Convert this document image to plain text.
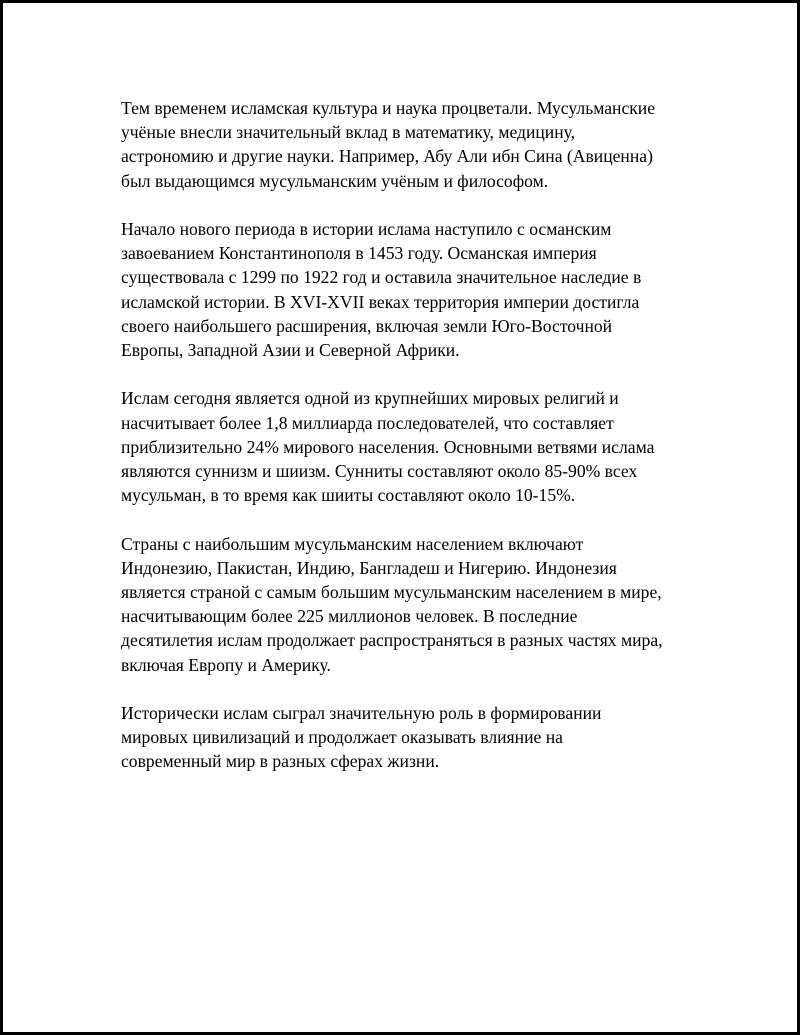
Тем временем исламская культура и наука процветали. Мусульманские
учёные внесли значительный вклад в математику, медицину,
астрономию и другие науки. Например, Абу Али ибн Сина (Авиценна)
был выдающимся мусульманским учёным и философом.

Начало нового периода в истории ислама наступило с османским
завоеванием Константинополя в 1453 году. Османская империя
существовала с 1299 по 1922 год и оставила значительное наследие в
исламской истории. В XVI-XVII веках территория империи достигла
своего наибольшего расширения, включая земли Юго-Восточной
Европы, Западной Азии и Северной Африки.

Ислам сегодня является одной из крупнейших мировых религий и
насчитывает более 1,8 миллиарда последователей, что составляет
приблизительно 24% мирового населения. Основными ветвями ислама
являются суннизм и шиизм. Сунниты составляют около 85-90% всех
мусульман, в то время как шииты составляют около 10-15%.

Страны с наибольшим мусульманским населением включают
Индонезию, Пакистан, Индию, Бангладеш и Нигерию. Индонезия
является страной с самым большим мусульманским населением в мире,
насчитывающим более 225 миллионов человек. В последние
десятилетия ислам продолжает распространяться в разных частях мира,
включая Европу и Америку.

Исторически ислам сыграл значительную роль в формировании
мировых цивилизаций и продолжает оказывать влияние на
современный мир в разных сферах жизни.
